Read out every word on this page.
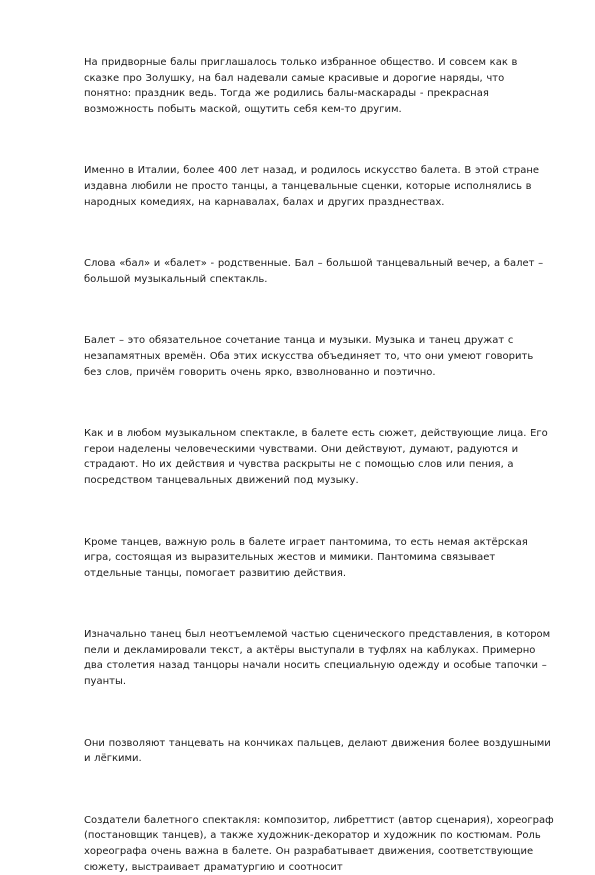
На придворные балы приглашалось только избранное общество. И совсем как в сказке про Золушку, на бал надевали самые красивые и дорогие наряды, что понятно: праздник ведь. Тогда же родились балы-маскарады - прекрасная возможность побыть маской, ощутить себя кем-то другим.

Именно в Италии, более 400 лет назад, и родилось искусство балета. В этой стране издавна любили не просто танцы, а танцевальные сценки, которые исполнялись в народных комедиях, на карнавалах, балах и других празднествах.

Слова «бал» и «балет» - родственные. Бал – большой танцевальный вечер, а балет – большой музыкальный спектакль.

Балет – это обязательное сочетание танца и музыки. Музыка и танец дружат с незапамятных времён. Оба этих искусства объединяет то, что они умеют говорить без слов, причём говорить очень ярко, взволнованно и поэтично.

Как и в любом музыкальном спектакле, в балете есть сюжет, действующие лица. Его герои наделены человеческими чувствами. Они действуют, думают, радуются и страдают. Но их действия и чувства раскрыты не с помощью слов или пения, а посредством танцевальных движений под музыку.

Кроме танцев, важную роль в балете играет пантомима, то есть немая актёрская игра, состоящая из выразительных жестов и мимики. Пантомима связывает отдельные танцы, помогает развитию действия.

Изначально танец был неотъемлемой частью сценического представления, в котором пели и декламировали текст, а актёры выступали в туфлях на каблуках. Примерно два столетия назад танцоры начали носить специальную одежду и особые тапочки – пуанты.

Они позволяют танцевать на кончиках пальцев, делают движения более воздушными и лёгкими.

Создатели балетного спектакля: композитор, либреттист (автор сценария), хореограф (постановщик танцев), а также художник-декоратор и художник по костюмам. Роль хореографа очень важна в балете. Он разрабатывает движения, соответствующие сюжету, выстраивает драматургию и соотносит
